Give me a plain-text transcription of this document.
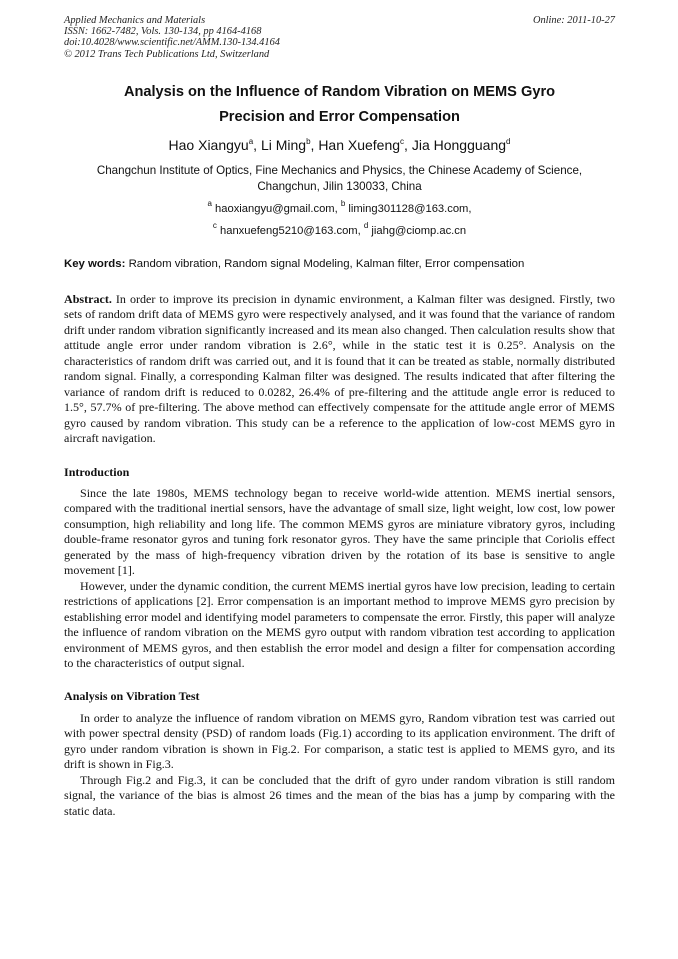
Applied Mechanics and Materials
ISSN: 1662-7482, Vols. 130-134, pp 4164-4168
doi:10.4028/www.scientific.net/AMM.130-134.4164
© 2012 Trans Tech Publications Ltd, Switzerland
Online: 2011-10-27
Analysis on the Influence of Random Vibration on MEMS Gyro
Precision and Error Compensation
Hao Xiangyu$^a$, Li Ming$^b$, Han Xuefeng$^c$, Jia Hongguang$^d$
Changchun Institute of Optics, Fine Mechanics and Physics, the Chinese Academy of Science,
Changchun, Jilin 130033, China
$^a$ haoxiangyu@gmail.com, $^b$ liming301128@163.com,
$^c$ hanxuefeng5210@163.com, $^d$ jiahg@ciomp.ac.cn
Key words: Random vibration, Random signal Modeling, Kalman filter, Error compensation

Abstract. In order to improve its precision in dynamic environment, a Kalman filter was designed. Firstly, two sets of random drift data of MEMS gyro were respectively analysed, and it was found that the variance of random drift under random vibration significantly increased and its mean also changed. Then calculation results show that attitude angle error under random vibration is 2.6°, while in the static test it is 0.25°. Analysis on the characteristics of random drift was carried out, and it is found that it can be treated as stable, normally distributed random signal. Finally, a corresponding Kalman filter was designed. The results indicated that after filtering the variance of random drift is reduced to 0.0282, 26.4% of pre-filtering and the attitude angle error is reduced to 1.5°, 57.7% of pre-filtering. The above method can effectively compensate for the attitude angle error of MEMS gyro caused by random vibration. This study can be a reference to the application of low-cost MEMS gyro in aircraft navigation.

Introduction

Since the late 1980s, MEMS technology began to receive world-wide attention. MEMS inertial sensors, compared with the traditional inertial sensors, have the advantage of small size, light weight, low cost, low power consumption, high reliability and long life. The common MEMS gyros are miniature vibratory gyros, including double-frame resonator gyros and tuning fork resonator gyros. They have the same principle that Coriolis effect generated by the mass of high-frequency vibration driven by the rotation of its base is sensitive to angle movement [1].

However, under the dynamic condition, the current MEMS inertial gyros have low precision, leading to certain restrictions of applications [2]. Error compensation is an important method to improve MEMS gyro precision by establishing error model and identifying model parameters to compensate the error. Firstly, this paper will analyze the influence of random vibration on the MEMS gyro output with random vibration test according to application environment of MEMS gyros, and then establish the error model and design a filter for compensation according to the characteristics of output signal.

Analysis on Vibration Test

In order to analyze the influence of random vibration on MEMS gyro, Random vibration test was carried out with power spectral density (PSD) of random loads (Fig.1) according to its application environment. The drift of gyro under random vibration is shown in Fig.2. For comparison, a static test is applied to MEMS gyro, and its drift is shown in Fig.3.

Through Fig.2 and Fig.3, it can be concluded that the drift of gyro under random vibration is still random signal, the variance of the bias is almost 26 times and the mean of the bias has a jump by comparing with the static data.
